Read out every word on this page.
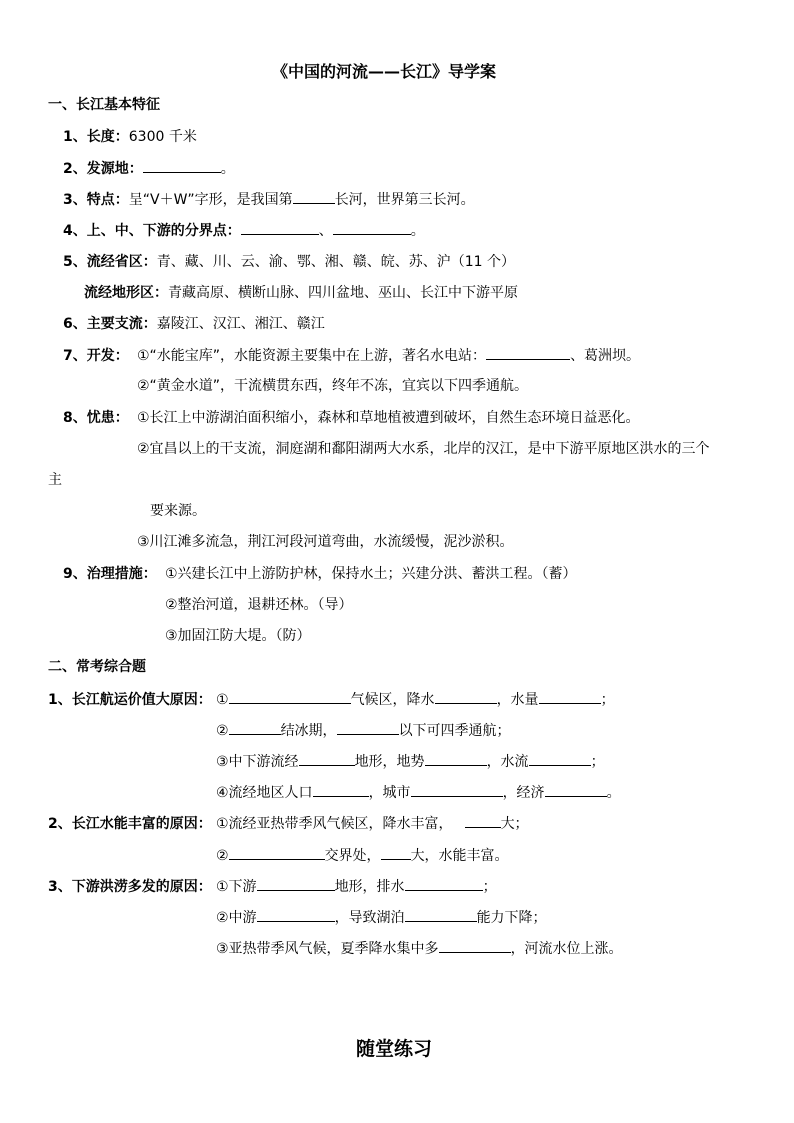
《中国的河流——长江》导学案
一、长江基本特征
1、长度：6300 千米
2、发源地：	。
3、特点：呈“V＋W”字形，是我国第	长河，世界第三长河。
4、上、中、下游的分界点：	、	。
5、流经省区：青、藏、川、云、渝、鄂、湘、赣、皖、苏、沪（11 个）
流经地形区：青藏高原、横断山脉、四川盆地、巫山、长江中下游平原
6、主要支流：嘉陵江、汉江、湘江、赣江
7、开发： ①“水能宝库”，水能资源主要集中在上游，著名水电站：	、葛洲坝。
②“黄金水道”，干流横贯东西，终年不冻，宜宾以下四季通航。
8、忧患： ①长江上中游湖泊面积缩小，森林和草地植被遭到破坏，自然生态环境日益恶化。
②宜昌以上的干支流，洞庭湖和鄱阳湖两大水系，北岸的汉江，是中下游平原地区洪水的三个
主
要来源。
③川江滩多流急，荆江河段河道弯曲，水流缓慢，泥沙淤积。
9、治理措施： ①兴建长江中上游防护林，保持水土；兴建分洪、蓄洪工程。（蓄）
②整治河道，退耕还林。（导）
③加固江防大堤。（防）
二、常考综合题
1、长江航运价值大原因： ①	气候区，降水	，水量	；
②	结冰期，	以下可四季通航；
③中下游流经	地形，地势	，水流	；
④流经地区人口	，城市	，经济	。
2、长江水能丰富的原因： ①流经亚热带季风气候区，降水丰富，	大；
②	交界处， 大，水能丰富。
3、下游洪涝多发的原因： ①下游	地形，排水	；
②中游	，导致湖泊	能力下降；
③亚热带季风气候，夏季降水集中多	，河流水位上涨。
随堂练习
